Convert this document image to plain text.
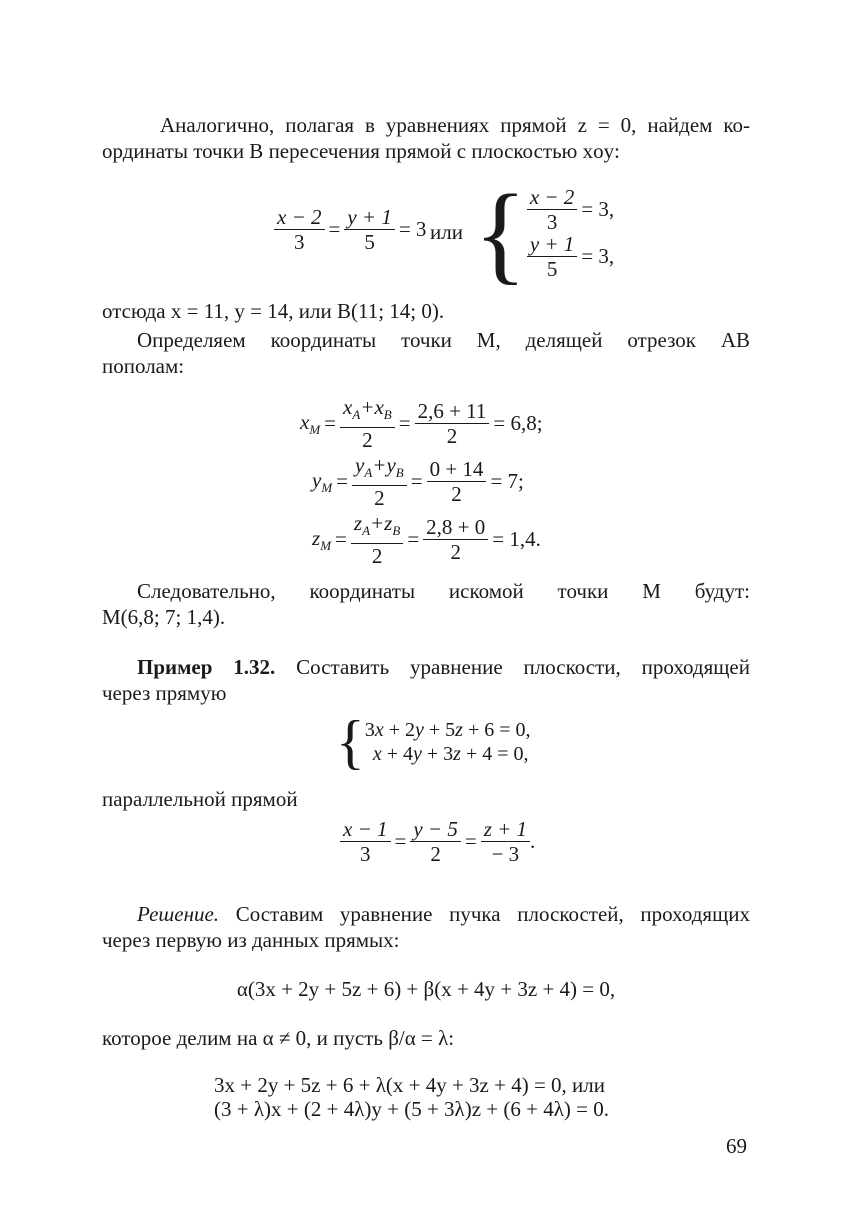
Аналогично, полагая в уравнениях прямой z = 0, найдем ко-

ординаты точки B пересечения прямой с плоскостью xoy:

$\frac{x - 2}{3} = \frac{y + 1}{5} = 3$ или { $\frac{x - 2}{3} = 3$,
$\frac{y + 1}{5} = 3$,

отсюда x = 11, y = 14, или B(11; 14; 0).

Определяем координаты точки M, делящей отрезок AB

пополам:

$x_M = \frac{x_A+x_B}{2} = \frac{2,6 + 11}{2} = 6,8$;
$y_M = \frac{y_A+y_B}{2} = \frac{0 + 14}{2} = 7$;
$z_M = \frac{z_A+z_B}{2} = \frac{2,8 + 0}{2} = 1,4$.

Следовательно, координаты искомой точки M будут:

M(6,8; 7; 1,4).

Пример 1.32. Составить уравнение плоскости, проходящей

через прямую

{ 3x + 2y + 5z + 6 = 0,
x + 4y + 3z + 4 = 0,

параллельной прямой

$\frac{x - 1}{3} = \frac{y - 5}{2} = \frac{z + 1}{- 3}$ .

Решение. Составим уравнение пучка плоскостей, проходящих

через первую из данных прямых:

α(3x + 2y + 5z + 6) + β(x + 4y + 3z + 4) = 0,

которое делим на α ≠ 0, и пусть β/α = λ:

3x + 2y + 5z + 6 + λ(x + 4y + 3z + 4) = 0, или

(3 + λ)x + (2 + 4λ)y + (5 + 3λ)z + (6 + 4λ) = 0.

69
